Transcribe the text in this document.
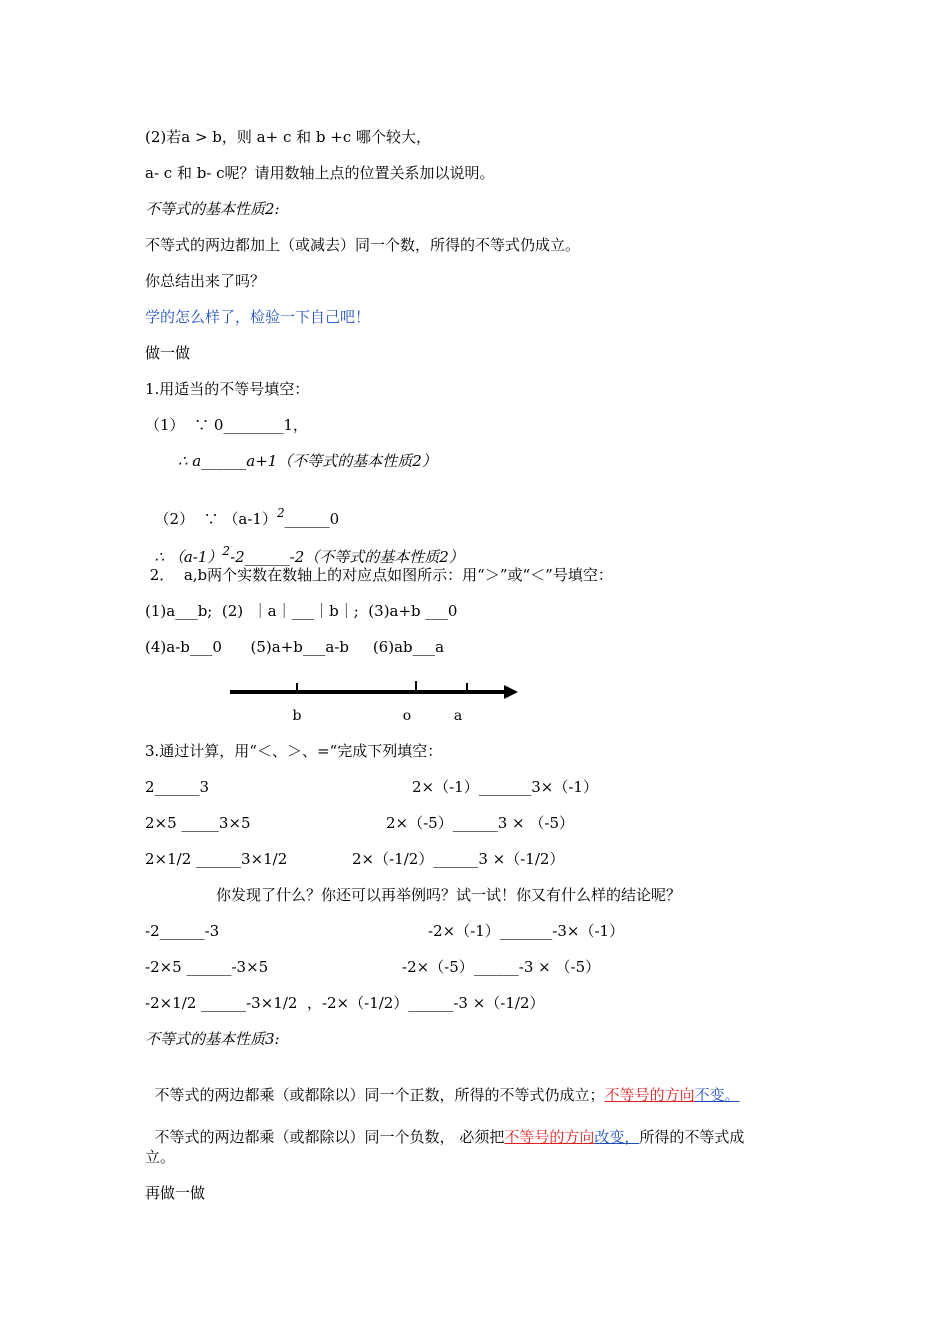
(2)若a > b，则 a+ c 和 b +c 哪个较大，
a- c 和 b- c呢？请用数轴上点的位置关系加以说明。
不等式的基本性质2:
不等式的两边都加上（或减去）同一个数，所得的不等式仍成立。
你总结出来了吗？
学的怎么样了，检验一下自己吧！
做一做
1.用适当的不等号填空：
（1）  ∵ 0________1，
∴ a______a+1（不等式的基本性质2）

（2）  ∵ $(a-1)^2\_\_\_\_\_\_0$

∴ $(a-1)^2-2\_\_\_\_\_\_-2$（不等式的基本性质2）

2．  a,b两个实数在数轴上的对应点如图所示：用“＞”或“＜”号填空：
(1)a___b;  (2)  ｜a｜___｜b｜;  (3)a+b ___0
(4)a-b___0      (5)a+b___a-b     (6)ab___a
b	o	a
3.通过计算，用“＜、＞、=“完成下列填空：
2______3	2×（-1）_______3×（-1）
2×5 _____3×5	2×（-5）______3 × （-5）
2×1/2 ______3×1/2	2×（-1/2）______3 ×（-1/2）
你发现了什么？你还可以再举例吗？试一试！你又有什么样的结论呢？
-2______-3	-2×（-1）_______-3×（-1）
-2×5 ______-3×5	-2×（-5）______-3 × （-5）
-2×1/2 ______-3×1/2  ，-2×（-1/2）______-3 ×（-1/2）
不等式的基本性质3:

不等式的两边都乘（或都除以）同一个正数，所得的不等式仍成立；不等号的方向不变。

不等式的两边都乘（或都除以）同一个负数， 必须把不等号的方向改变，所得的不等式成

立。
再做一做
